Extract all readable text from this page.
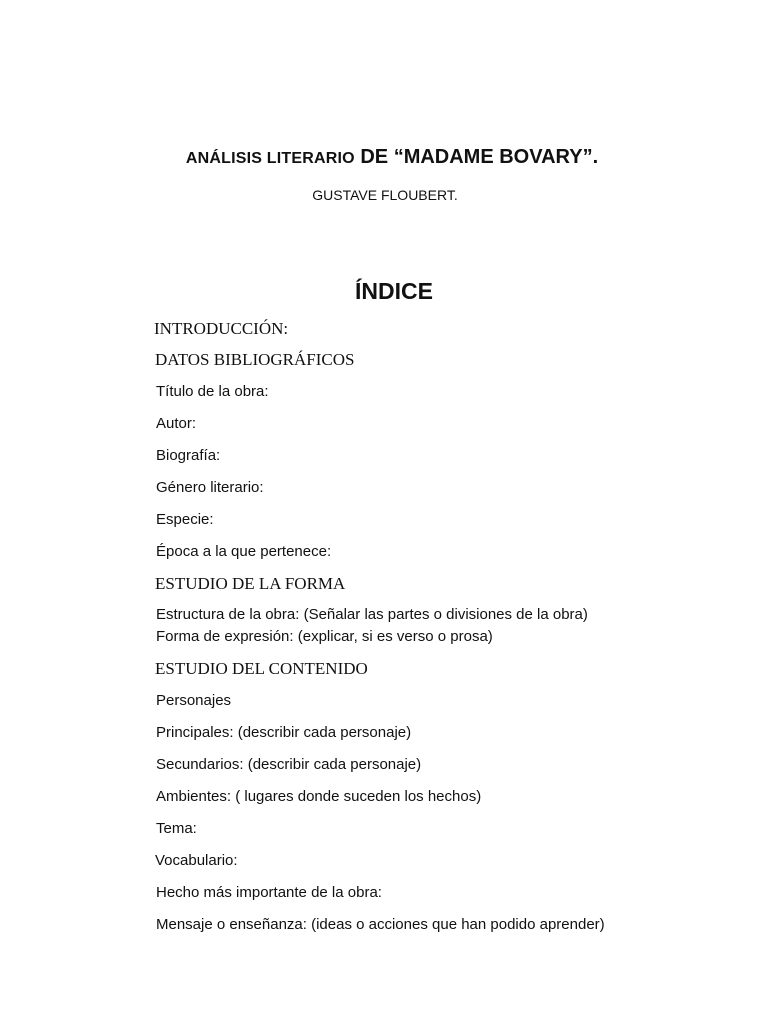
ANÁLISIS LITERARIO DE “MADAME BOVARY”.
GUSTAVE FLOUBERT.
ÍNDICE
INTRODUCCIÓN:
DATOS BIBLIOGRÁFICOS
Título de la obra:
Autor:
Biografía:
Género literario:
Especie:
Época a la que pertenece:
ESTUDIO DE LA FORMA
Estructura de la obra: (Señalar las partes o divisiones de la obra)
Forma de expresión: (explicar, si es verso o prosa)
ESTUDIO DEL CONTENIDO
Personajes
Principales: (describir cada personaje)
Secundarios: (describir cada personaje)
Ambientes: ( lugares donde suceden los hechos)
Tema:
Vocabulario:
Hecho más importante de la obra:
Mensaje o enseñanza: (ideas o acciones que han podido aprender)
